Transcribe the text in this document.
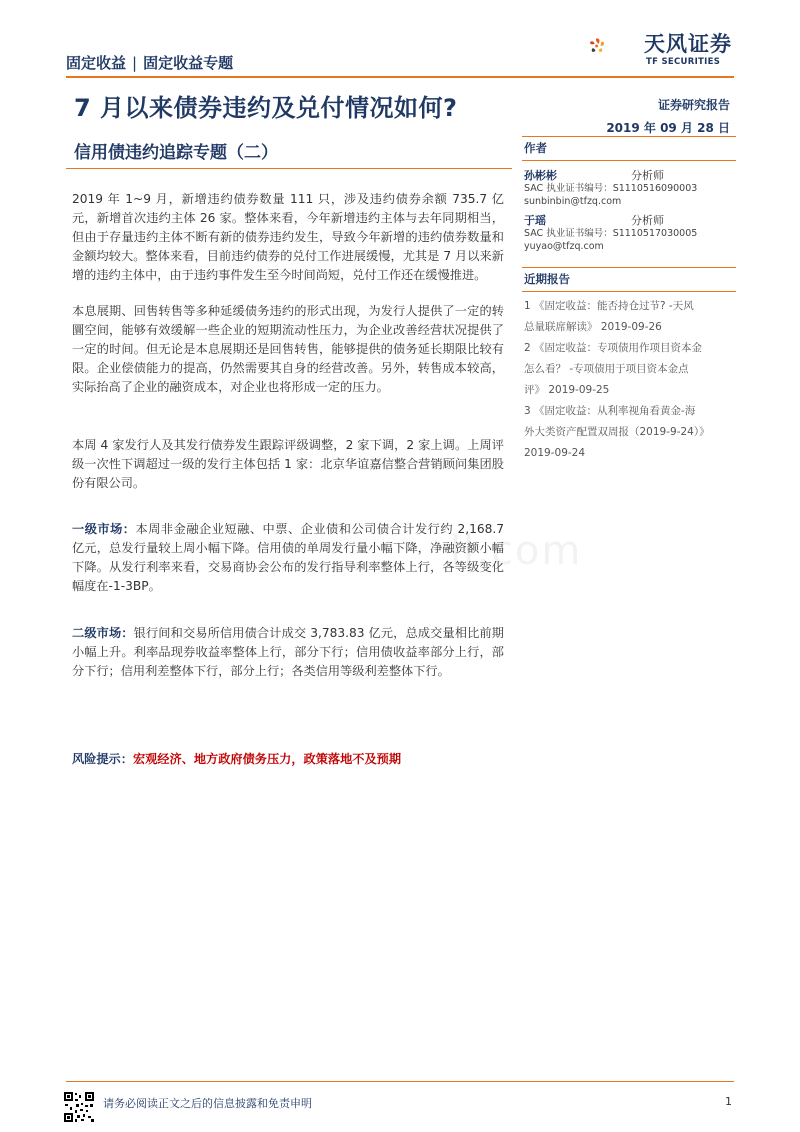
固定收益 | 固定收益专题
天风证券
TF SECURITIES
7 月以来债券违约及兑付情况如何?	证券研究报告
2019 年 09 月 28 日
信用债违约追踪专题（二）	作者
孙彬彬	分析师
SAC 执业证书编号：S1110516090003
sunbinbin@tfzq.com
于瑶	分析师
SAC 执业证书编号：S1110517030005
yuyao@tfzq.com
近期报告
1 《固定收益：能否持仓过节? -天风
总量联席解读》 2019-09-26
2 《固定收益：专项债用作项目资本金
怎么看？ -专项债用于项目资本金点
评》 2019-09-25
3 《固定收益：从利率视角看黄金-海
外大类资产配置双周报（2019-9-24）》
2019-09-24

2019 年 1~9 月，新增违约债券数量 111 只，涉及违约债券余额 735.7 亿元，新增首次违约主体 26 家。整体来看，今年新增违约主体与去年同期相当，但由于存量违约主体不断有新的债券违约发生，导致今年新增的违约债券数量和金额均较大。整体来看，目前违约债券的兑付工作进展缓慢，尤其是 7 月以来新增的违约主体中，由于违约事件发生至今时间尚短，兑付工作还在缓慢推进。

本息展期、回售转售等多种延缓债务违约的形式出现，为发行人提供了一定的转圜空间，能够有效缓解一些企业的短期流动性压力，为企业改善经营状况提供了一定的时间。但无论是本息展期还是回售转售，能够提供的债务延长期限比较有限。企业偿债能力的提高，仍然需要其自身的经营改善。另外，转售成本较高，实际抬高了企业的融资成本，对企业也将形成一定的压力。

本周 4 家发行人及其发行债券发生跟踪评级调整，2 家下调，2 家上调。上周评级一次性下调超过一级的发行主体包括 1 家：北京华谊嘉信整合营销顾问集团股份有限公司。

一级市场：本周非金融企业短融、中票、企业债和公司债合计发行约 2,168.7 亿元，总发行量较上周小幅下降。信用债的单周发行量小幅下降，净融资额小幅下降。从发行利率来看，交易商协会公布的发行指导利率整体上行，各等级变化幅度在-1-3BP。

二级市场：银行间和交易所信用债合计成交 3,783.83 亿元，总成交量相比前期小幅上升。利率品现券收益率整体上行，部分下行；信用债收益率部分上行，部分下行；信用利差整体下行，部分上行；各类信用等级利差整体下行。

风险提示：宏观经济、地方政府债务压力，政策落地不及预期

ll.com
请务必阅读正文之后的信息披露和免责申明	1
